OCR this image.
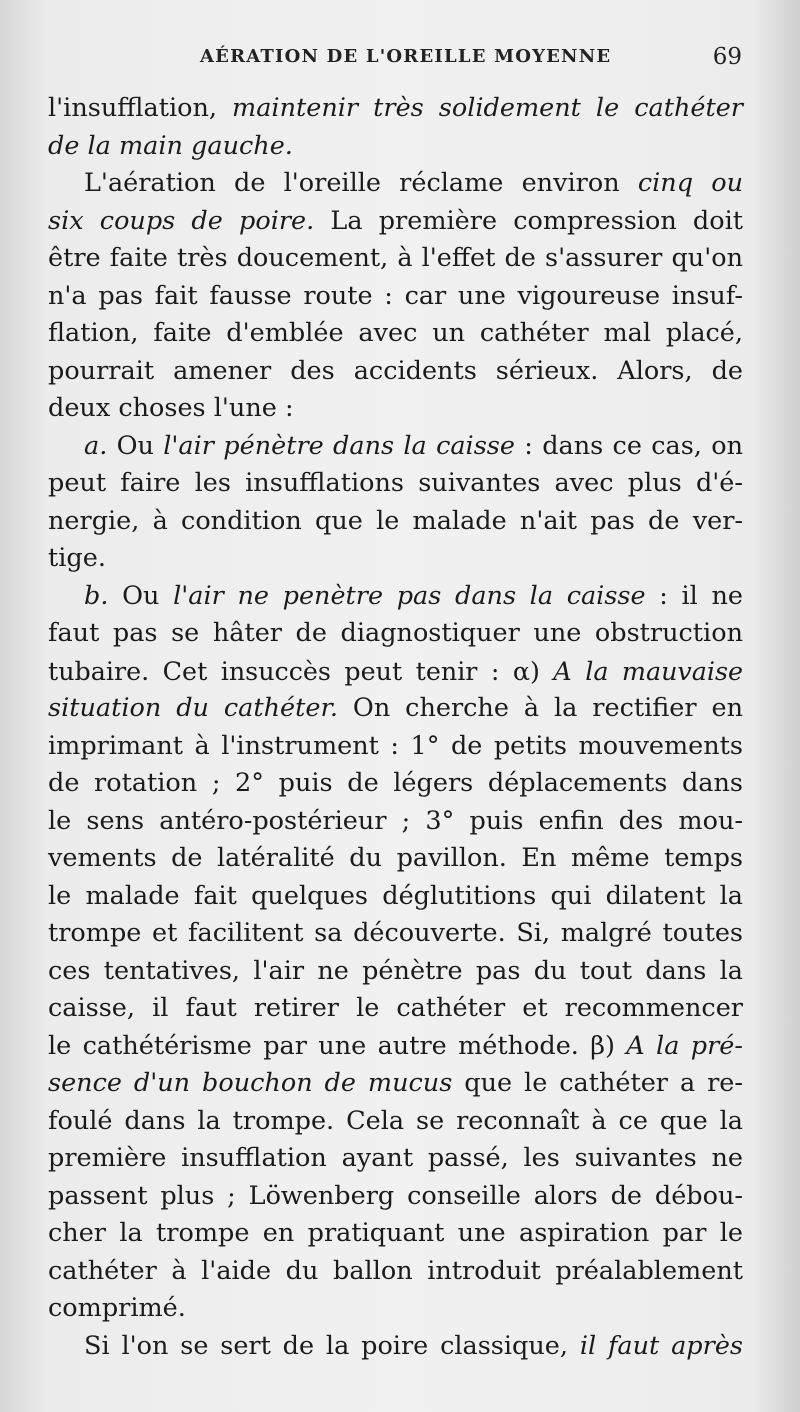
AÉRATION DE L'OREILLE MOYENNE	69
l'insufflation, maintenir très solidement le cathéter
de la main gauche.
L'aération de l'oreille réclame environ cinq ou
six coups de poire. La première compression doit
être faite très doucement, à l'effet de s'assurer qu'on
n'a pas fait fausse route : car une vigoureuse insuf-
flation, faite d'emblée avec un cathéter mal placé,
pourrait amener des accidents sérieux. Alors, de
deux choses l'une :
a. Ou l'air pénètre dans la caisse : dans ce cas, on
peut faire les insufflations suivantes avec plus d'é-
nergie, à condition que le malade n'ait pas de ver-
tige.
b. Ou l'air ne penètre pas dans la caisse : il ne
faut pas se hâter de diagnostiquer une obstruction
tubaire. Cet insuccès peut tenir : α) A la mauvaise
situation du cathéter. On cherche à la rectifier en
imprimant à l'instrument : 1° de petits mouvements
de rotation ; 2° puis de légers déplacements dans
le sens antéro-postérieur ; 3° puis enfin des mou-
vements de latéralité du pavillon. En même temps
le malade fait quelques déglutitions qui dilatent la
trompe et facilitent sa découverte. Si, malgré toutes
ces tentatives, l'air ne pénètre pas du tout dans la
caisse, il faut retirer le cathéter et recommencer
le cathétérisme par une autre méthode. β) A la pré-
sence d'un bouchon de mucus que le cathéter a re-
foulé dans la trompe. Cela se reconnaît à ce que la
première insufflation ayant passé, les suivantes ne
passent plus ; Löwenberg conseille alors de débou-
cher la trompe en pratiquant une aspiration par le
cathéter à l'aide du ballon introduit préalablement
comprimé.
Si l'on se sert de la poire classique, il faut après
